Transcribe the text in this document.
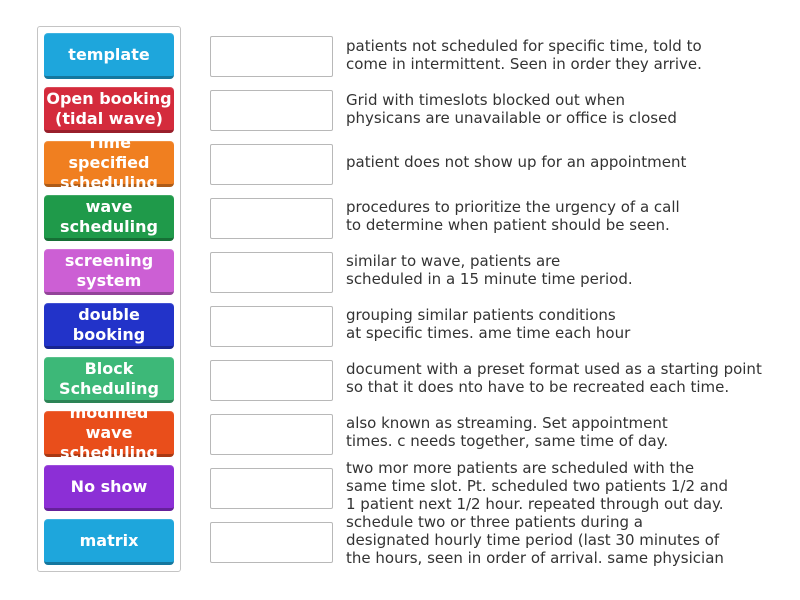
template
Open booking
(tidal wave)
Time specified
scheduling
wave
scheduling
screening
system
double
booking
Block
Scheduling
modified wave
scheduling
No show
matrix
patients not scheduled for specific time, told to
come in intermittent. Seen in order they arrive.
Grid with timeslots blocked out when
physicans are unavailable or office is closed
patient does not show up for an appointment
procedures to prioritize the urgency of a call
to determine when patient should be seen.
similar to wave, patients are
scheduled in a 15 minute time period.
grouping similar patients conditions
at specific times. ame time each hour
document with a preset format used as a starting point
so that it does nto have to be recreated each time.
also known as streaming. Set appointment
times. c needs together, same time of day.
two mor more patients are scheduled with the
same time slot. Pt. scheduled two patients 1/2 and
1 patient next 1/2 hour. repeated through out day.
schedule two or three patients during a
designated hourly time period (last 30 minutes of
the hours, seen in order of arrival. same physician
